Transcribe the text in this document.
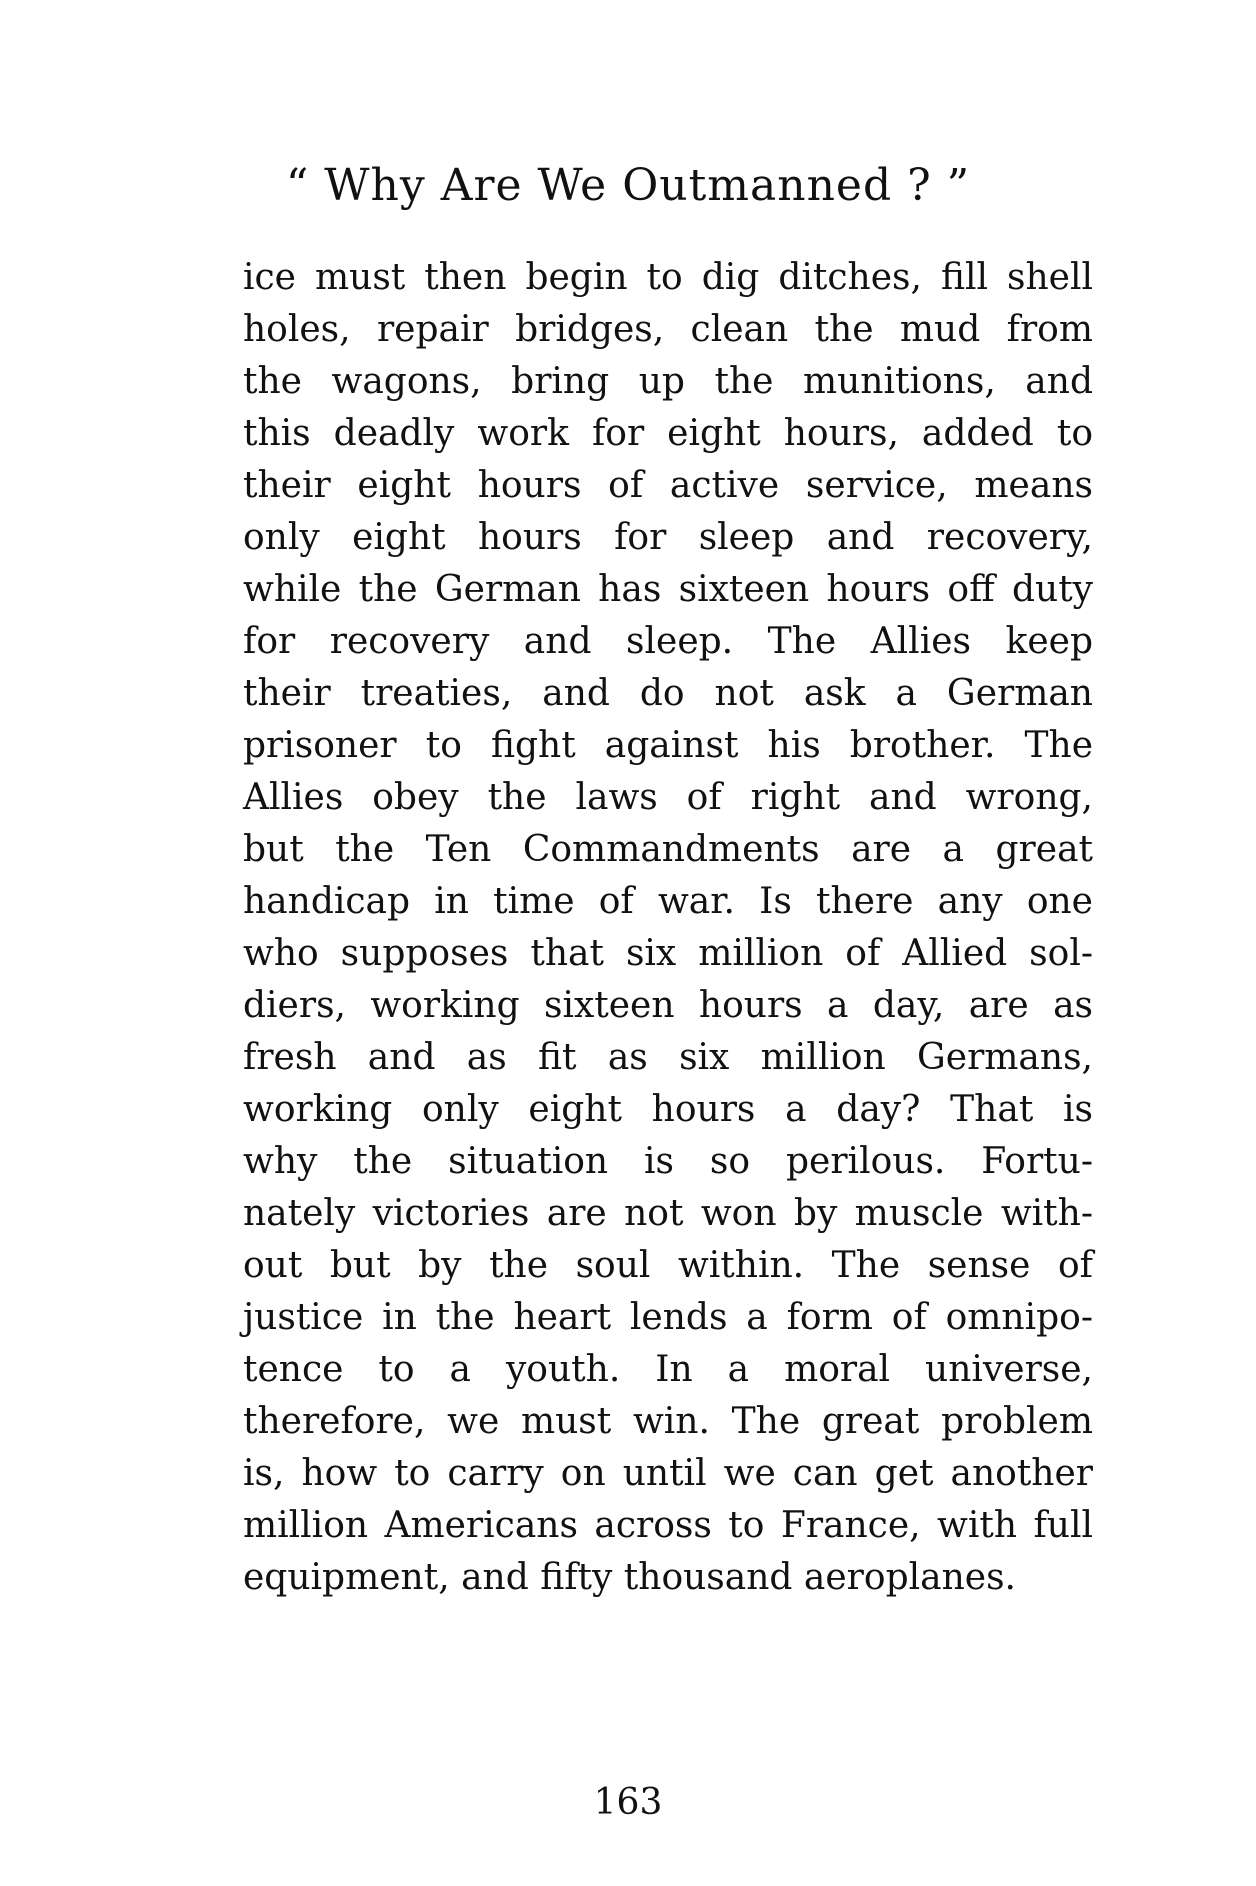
“ Why Are We Outmanned ? ”
ice must then begin to dig ditches, fill shell
holes, repair bridges, clean the mud from
the wagons, bring up the munitions, and
this deadly work for eight hours, added to
their eight hours of active service, means
only eight hours for sleep and recovery,
while the German has sixteen hours off duty
for recovery and sleep. The Allies keep
their treaties, and do not ask a German
prisoner to fight against his brother. The
Allies obey the laws of right and wrong,
but the Ten Commandments are a great
handicap in time of war. Is there any one
who supposes that six million of Allied sol-
diers, working sixteen hours a day, are as
fresh and as fit as six million Germans,
working only eight hours a day? That is
why the situation is so perilous. Fortu-
nately victories are not won by muscle with-
out but by the soul within. The sense of
justice in the heart lends a form of omnipo-
tence to a youth. In a moral universe,
therefore, we must win. The great problem
is, how to carry on until we can get another
million Americans across to France, with full
equipment, and fifty thousand aeroplanes.
163
